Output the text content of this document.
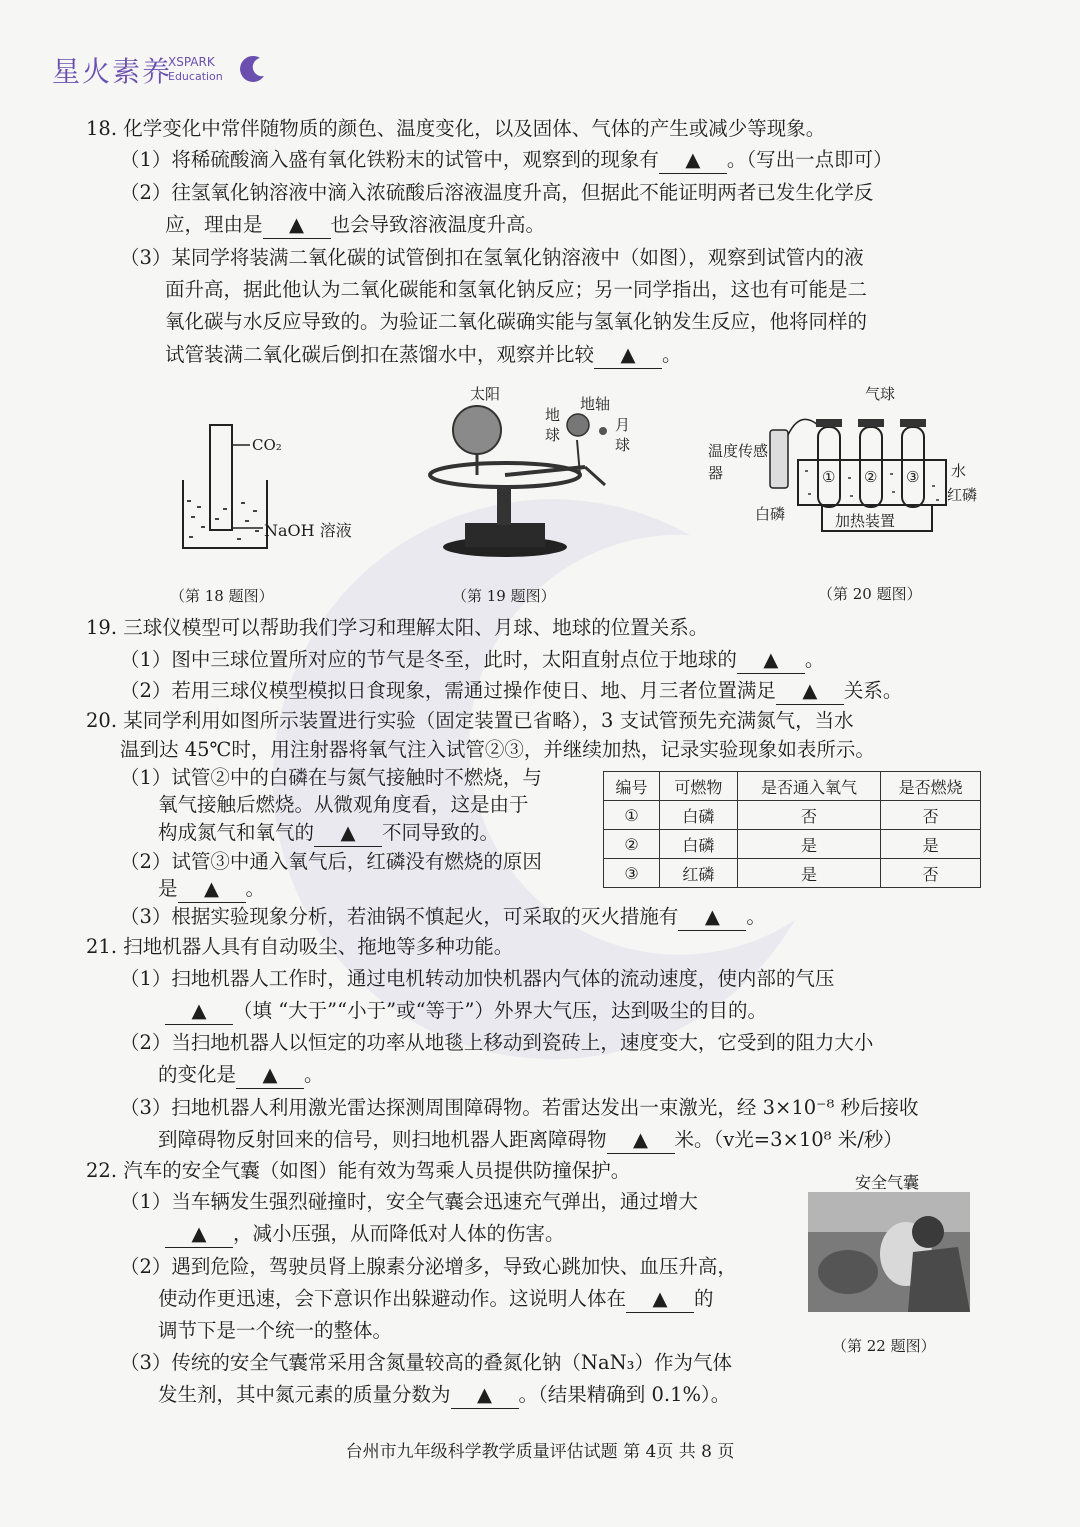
星火素养
XSPARK
Education
18. 化学变化中常伴随物质的颜色、温度变化，以及固体、气体的产生或减少等现象。
（1）将稀硫酸滴入盛有氧化铁粉末的试管中，观察到的现象有 ▲ 。（写出一点即可）
（2）往氢氧化钠溶液中滴入浓硫酸后溶液温度升高，但据此不能证明两者已发生化学反
应，理由是 ▲ 也会导致溶液温度升高。
（3）某同学将装满二氧化碳的试管倒扣在氢氧化钠溶液中（如图），观察到试管内的液
面升高，据此他认为二氧化碳能和氢氧化钠反应；另一同学指出，这也有可能是二
氧化碳与水反应导致的。为验证二氧化碳确实能与氢氧化钠发生反应，他将同样的
试管装满二氧化碳后倒扣在蒸馏水中，观察并比较 ▲ 。
CO₂
NaOH 溶液
（第 18 题图）
太阳
地球
地轴
月球
（第 19 题图）
气球
温度传感器	水
红磷
白磷	加热装置
① ② ③
（第 20 题图）
19. 三球仪模型可以帮助我们学习和理解太阳、月球、地球的位置关系。
（1）图中三球位置所对应的节气是冬至，此时，太阳直射点位于地球的 ▲ 。
（2）若用三球仪模型模拟日食现象，需通过操作使日、地、月三者位置满足 ▲ 关系。
20. 某同学利用如图所示装置进行实验（固定装置已省略），3 支试管预先充满氮气，当水
温到达 45℃时，用注射器将氧气注入试管②③，并继续加热，记录实验现象如表所示。
（1）试管②中的白磷在与氮气接触时不燃烧，与
氧气接触后燃烧。从微观角度看，这是由于
构成氮气和氧气的 ▲ 不同导致的。
（2）试管③中通入氧气后，红磷没有燃烧的原因
是 ▲ 。
编号	可燃物	是否通入氧气	是否燃烧
①	白磷	否	否
②	白磷	是	是
③	红磷	是	否
（3）根据实验现象分析，若油锅不慎起火，可采取的灭火措施有 ▲ 。
21. 扫地机器人具有自动吸尘、拖地等多种功能。
（1）扫地机器人工作时，通过电机转动加快机器内气体的流动速度，使内部的气压
▲ （填 “大于”“小于”或“等于”）外界大气压，达到吸尘的目的。
（2）当扫地机器人以恒定的功率从地毯上移动到瓷砖上，速度变大，它受到的阻力大小
的变化是 ▲ 。
（3）扫地机器人利用激光雷达探测周围障碍物。若雷达发出一束激光，经 3×10⁻⁸ 秒后接收
到障碍物反射回来的信号，则扫地机器人距离障碍物 ▲ 米。（v光=3×10⁸ 米/秒）
22. 汽车的安全气囊（如图）能有效为驾乘人员提供防撞保护。
（1）当车辆发生强烈碰撞时，安全气囊会迅速充气弹出，通过增大
▲ ，减小压强，从而降低对人体的伤害。
（2）遇到危险，驾驶员肾上腺素分泌增多，导致心跳加快、血压升高，
使动作更迅速，会下意识作出躲避动作。这说明人体在 ▲ 的
调节下是一个统一的整体。
（3）传统的安全气囊常采用含氮量较高的叠氮化钠（NaN₃）作为气体
发生剂，其中氮元素的质量分数为 ▲ 。（结果精确到 0.1%）。
安全气囊
（第 22 题图）
台州市九年级科学教学质量评估试题 第 4页 共 8 页
